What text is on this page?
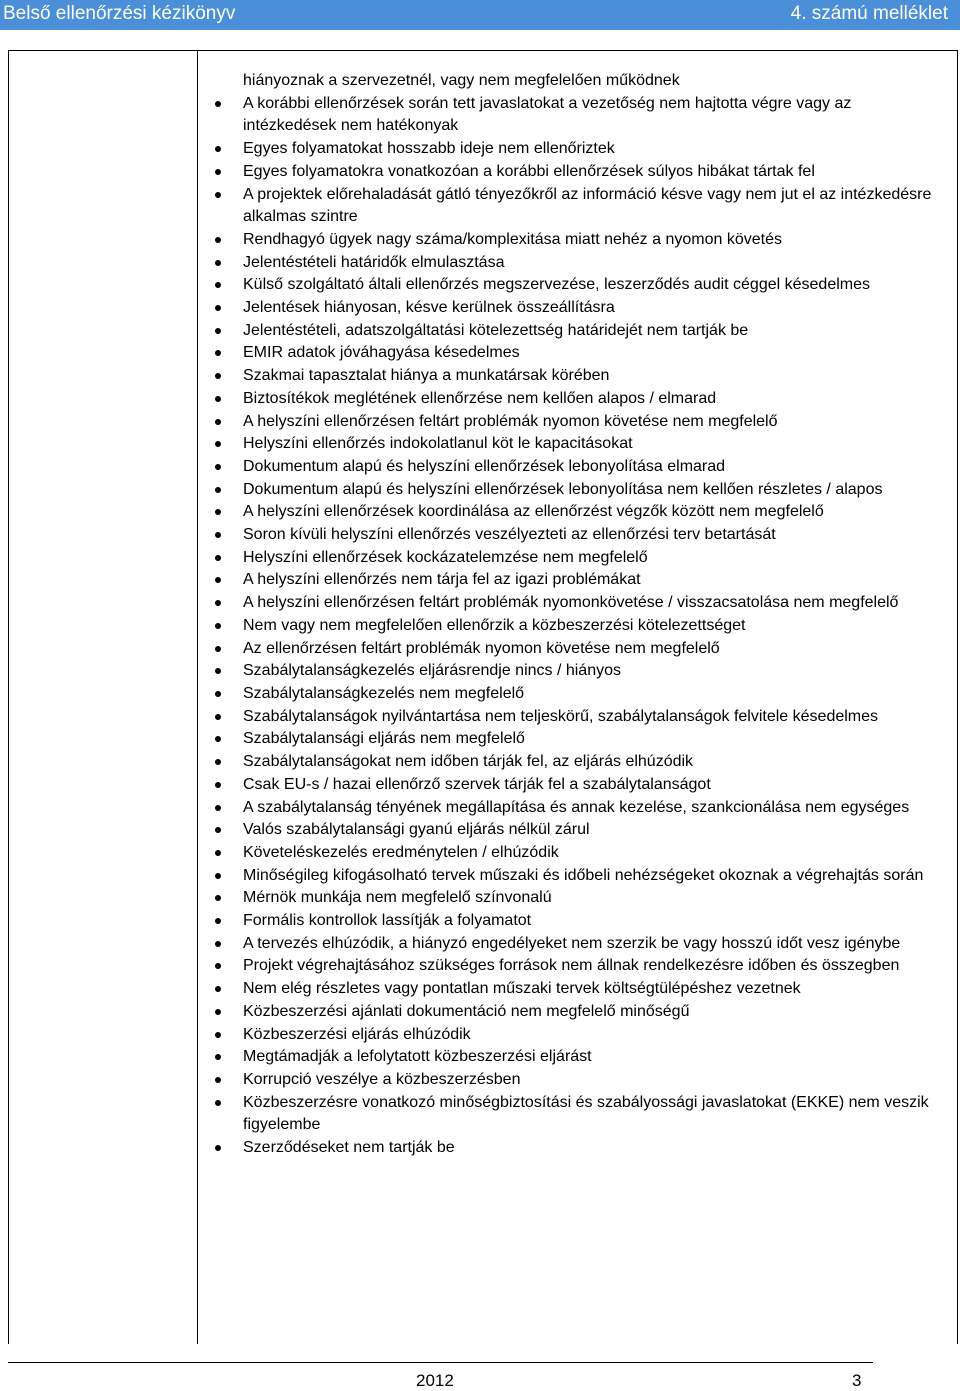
Belső ellenőrzési kézikönyv	4. számú melléklet

hiányoznak a szervezetnél, vagy nem megfelelően működnek

A korábbi ellenőrzések során tett javaslatokat a vezetőség nem hajtotta végre vagy az intézkedések nem hatékonyak
Egyes folyamatokat hosszabb ideje nem ellenőriztek
Egyes folyamatokra vonatkozóan a korábbi ellenőrzések súlyos hibákat tártak fel
A projektek előrehaladását gátló tényezőkről az információ késve vagy nem jut el az intézkedésre alkalmas szintre
Rendhagyó ügyek nagy száma/komplexitása miatt nehéz a nyomon követés
Jelentéstételi határidők elmulasztása
Külső szolgáltató általi ellenőrzés megszervezése, leszerződés audit céggel késedelmes
Jelentések hiányosan, késve kerülnek összeállításra
Jelentéstételi, adatszolgáltatási kötelezettség határidejét nem tartják be
EMIR adatok jóváhagyása késedelmes
Szakmai tapasztalat hiánya a munkatársak körében
Biztosítékok meglétének ellenőrzése nem kellően alapos / elmarad
A helyszíni ellenőrzésen feltárt problémák nyomon követése nem megfelelő
Helyszíni ellenőrzés indokolatlanul köt le kapacitásokat
Dokumentum alapú és helyszíni ellenőrzések lebonyolítása elmarad
Dokumentum alapú és helyszíni ellenőrzések lebonyolítása nem kellően részletes / alapos
A helyszíni ellenőrzések koordinálása az ellenőrzést végzők között nem megfelelő
Soron kívüli helyszíni ellenőrzés veszélyezteti az ellenőrzési terv betartását
Helyszíni ellenőrzések kockázatelemzése nem megfelelő
A helyszíni ellenőrzés nem tárja fel az igazi problémákat
A helyszíni ellenőrzésen feltárt problémák nyomonkövetése / visszacsatolása nem megfelelő
Nem vagy nem megfelelően ellenőrzik a közbeszerzési kötelezettséget
Az ellenőrzésen feltárt problémák nyomon követése nem megfelelő
Szabálytalanságkezelés eljárásrendje nincs / hiányos
Szabálytalanságkezelés nem megfelelő
Szabálytalanságok nyilvántartása nem teljeskörű, szabálytalanságok felvitele késedelmes
Szabálytalansági eljárás nem megfelelő
Szabálytalanságokat nem időben tárják fel, az eljárás elhúzódik
Csak EU-s / hazai ellenőrző szervek tárják fel a szabálytalanságot
A szabálytalanság tényének megállapítása és annak kezelése, szankcionálása nem egységes
Valós szabálytalansági gyanú eljárás nélkül zárul
Követeléskezelés eredménytelen / elhúzódik
Minőségileg kifogásolható tervek műszaki és időbeli nehézségeket okoznak a végrehajtás során
Mérnök munkája nem megfelelő színvonalú
Formális kontrollok lassítják a folyamatot
A tervezés elhúzódik, a hiányzó engedélyeket nem szerzik be vagy hosszú időt vesz igénybe
Projekt végrehajtásához szükséges források nem állnak rendelkezésre időben és összegben
Nem elég részletes vagy pontatlan műszaki tervek költségtülépéshez vezetnek
Közbeszerzési ajánlati dokumentáció nem megfelelő minőségű
Közbeszerzési eljárás elhúzódik
Megtámadják a lefolytatott közbeszerzési eljárást
Korrupció veszélye a közbeszerzésben
Közbeszerzésre vonatkozó minőségbiztosítási és szabályossági javaslatokat (EKKE) nem veszik figyelembe
Szerződéseket nem tartják be
2012	3
